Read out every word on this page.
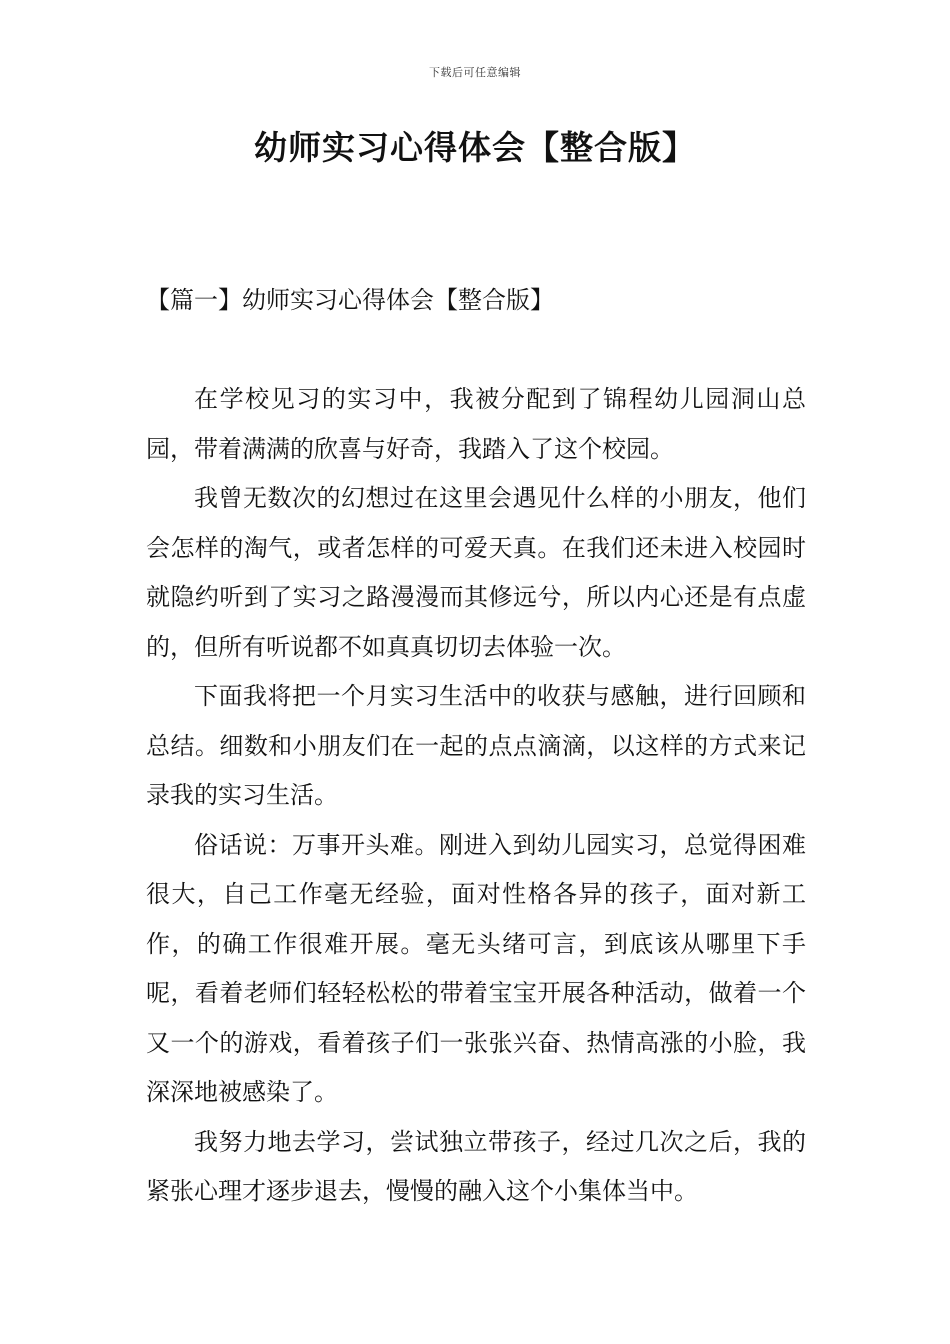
下载后可任意编辑
幼师实习心得体会【整合版】
【篇一】幼师实习心得体会【整合版】

在学校见习的实习中，我被分配到了锦程幼儿园洞山总园，带着满满的欣喜与好奇，我踏入了这个校园。

我曾无数次的幻想过在这里会遇见什么样的小朋友，他们会怎样的淘气，或者怎样的可爱天真。在我们还未进入校园时就隐约听到了实习之路漫漫而其修远兮，所以内心还是有点虚的，但所有听说都不如真真切切去体验一次。

下面我将把一个月实习生活中的收获与感触，进行回顾和总结。细数和小朋友们在一起的点点滴滴，以这样的方式来记录我的实习生活。

俗话说：万事开头难。刚进入到幼儿园实习，总觉得困难很大，自己工作毫无经验，面对性格各异的孩子，面对新工作，的确工作很难开展。毫无头绪可言，到底该从哪里下手呢，看着老师们轻轻松松的带着宝宝开展各种活动，做着一个又一个的游戏，看着孩子们一张张兴奋、热情高涨的小脸，我深深地被感染了。

我努力地去学习，尝试独立带孩子，经过几次之后，我的紧张心理才逐步退去，慢慢的融入这个小集体当中。
